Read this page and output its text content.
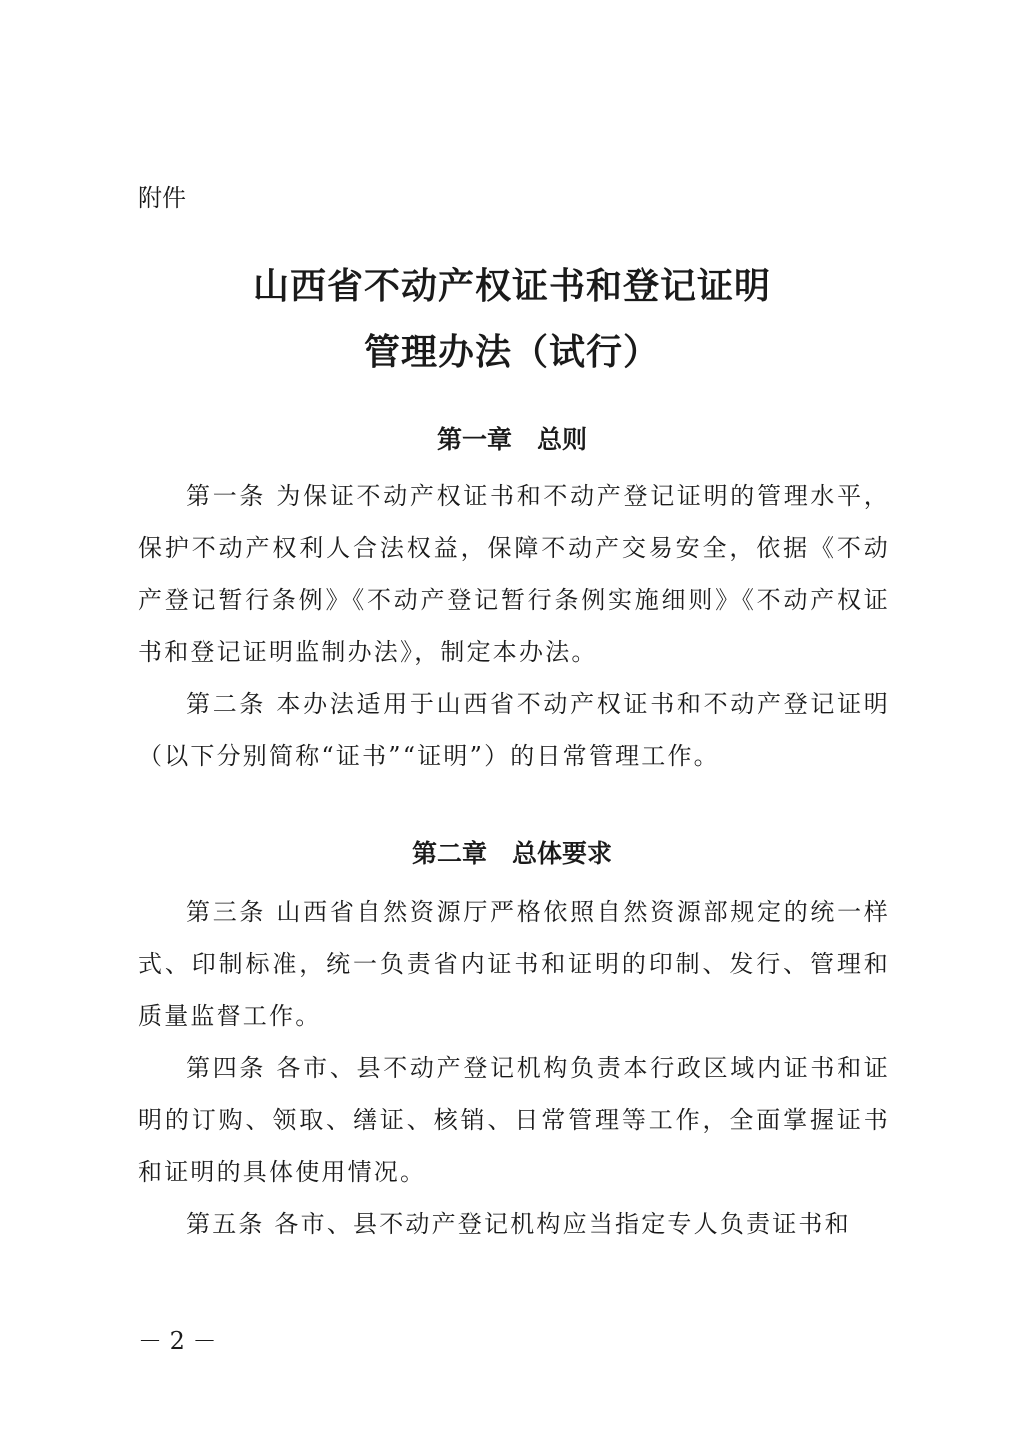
附件
山西省不动产权证书和登记证明
管理办法（试行）
第一章　总则

第一条 为保证不动产权证书和不动产登记证明的管理水平，保护不动产权利人合法权益，保障不动产交易安全，依据《不动产登记暂行条例》《不动产登记暂行条例实施细则》《不动产权证书和登记证明监制办法》，制定本办法。

第二条 本办法适用于山西省不动产权证书和不动产登记证明（以下分别简称“证书”“证明”）的日常管理工作。

第二章　总体要求

第三条 山西省自然资源厅严格依照自然资源部规定的统一样式、印制标准，统一负责省内证书和证明的印制、发行、管理和质量监督工作。

第四条 各市、县不动产登记机构负责本行政区域内证书和证明的订购、领取、缮证、核销、日常管理等工作，全面掌握证书和证明的具体使用情况。

第五条 各市、县不动产登记机构应当指定专人负责证书和

－ 2 －
